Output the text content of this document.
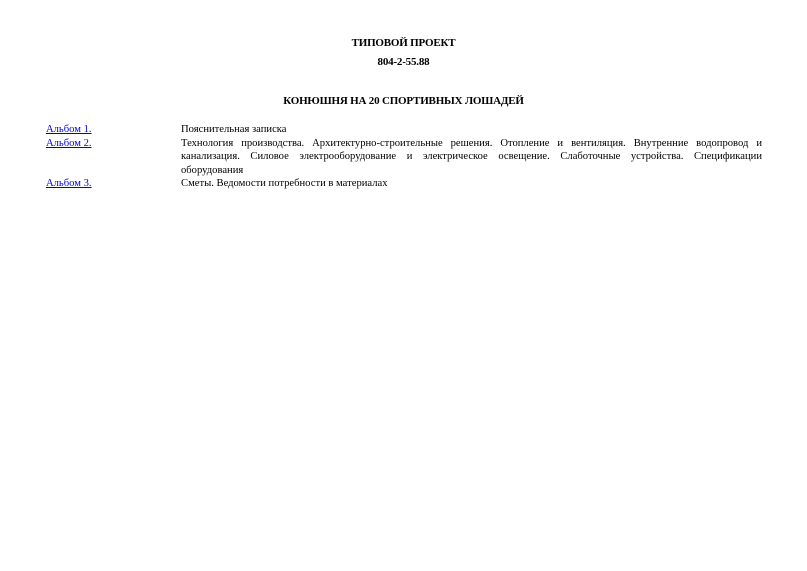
ТИПОВОЙ ПРОЕКТ
804-2-55.88
КОНЮШНЯ НА 20 СПОРТИВНЫХ ЛОШАДЕЙ
Альбом 1.	Пояснительная записка
Альбом 2.	Технология производства. Архитектурно-строительные решения. Отопление и вентиляция. Внутренние водопровод и канализация. Силовое электрооборудование и электрическое освещение. Слаботочные устройства. Спецификации оборудования
Альбом 3.	Сметы. Ведомости потребности в материалах
